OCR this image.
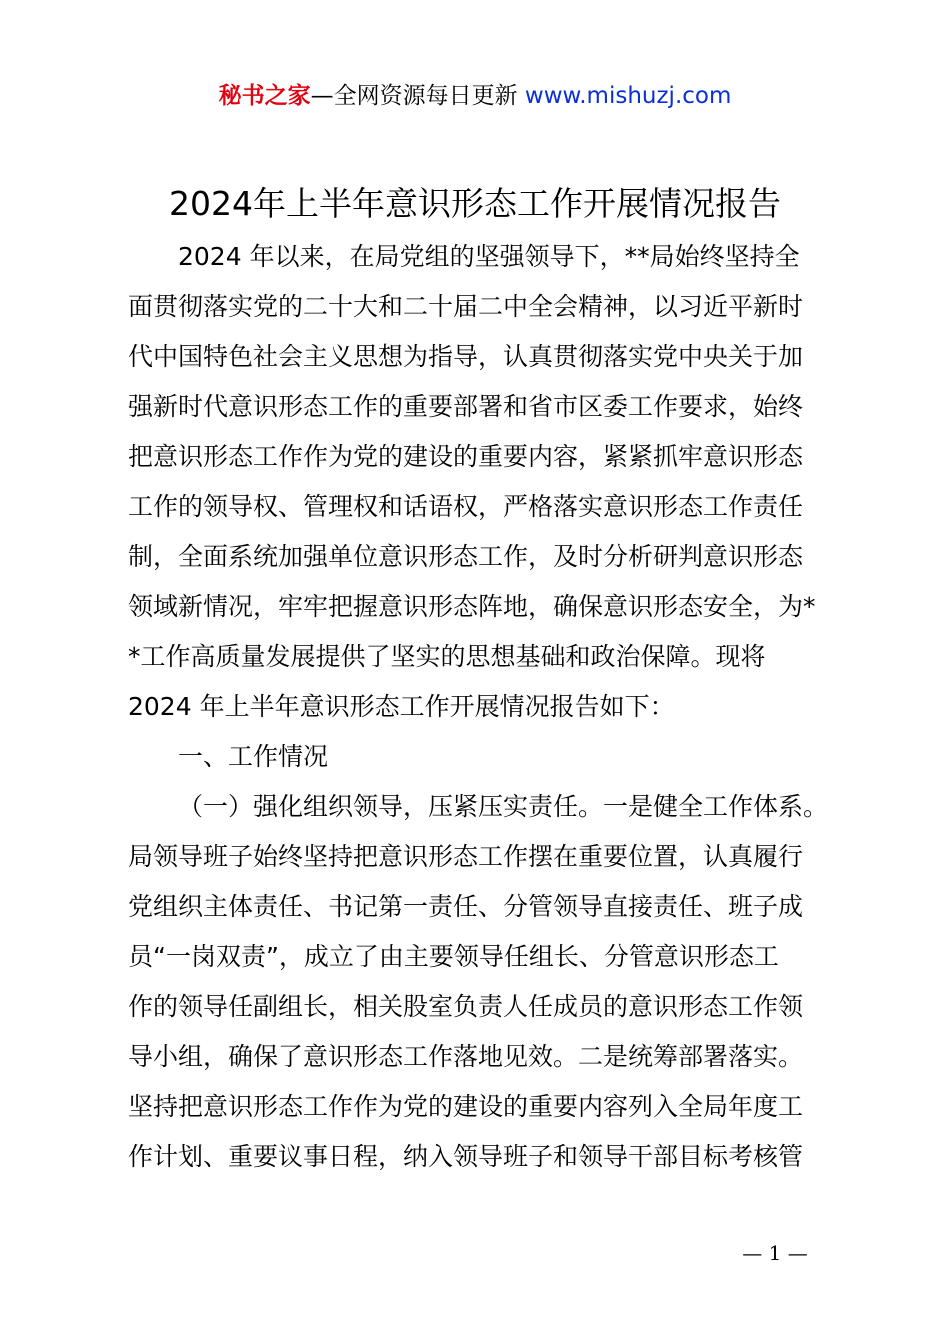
秘书之家—全网资源每日更新 www.mishuzj.com
2024年上半年意识形态工作开展情况报告
2024 年以来，在局党组的坚强领导下，**局始终坚持全
面贯彻落实党的二十大和二十届二中全会精神，以习近平新时
代中国特色社会主义思想为指导，认真贯彻落实党中央关于加
强新时代意识形态工作的重要部署和省市区委工作要求，始终
把意识形态工作作为党的建设的重要内容，紧紧抓牢意识形态
工作的领导权、管理权和话语权，严格落实意识形态工作责任
制，全面系统加强单位意识形态工作，及时分析研判意识形态
领域新情况，牢牢把握意识形态阵地，确保意识形态安全，为*
*工作高质量发展提供了坚实的思想基础和政治保障。现将
2024 年上半年意识形态工作开展情况报告如下：
一、工作情况
（一）强化组织领导，压紧压实责任。一是健全工作体系。
局领导班子始终坚持把意识形态工作摆在重要位置，认真履行
党组织主体责任、书记第一责任、分管领导直接责任、班子成
员“一岗双责”，成立了由主要领导任组长、分管意识形态工
作的领导任副组长，相关股室负责人任成员的意识形态工作领
导小组，确保了意识形态工作落地见效。二是统筹部署落实。
坚持把意识形态工作作为党的建设的重要内容列入全局年度工
作计划、重要议事日程，纳入领导班子和领导干部目标考核管
— 1 —
